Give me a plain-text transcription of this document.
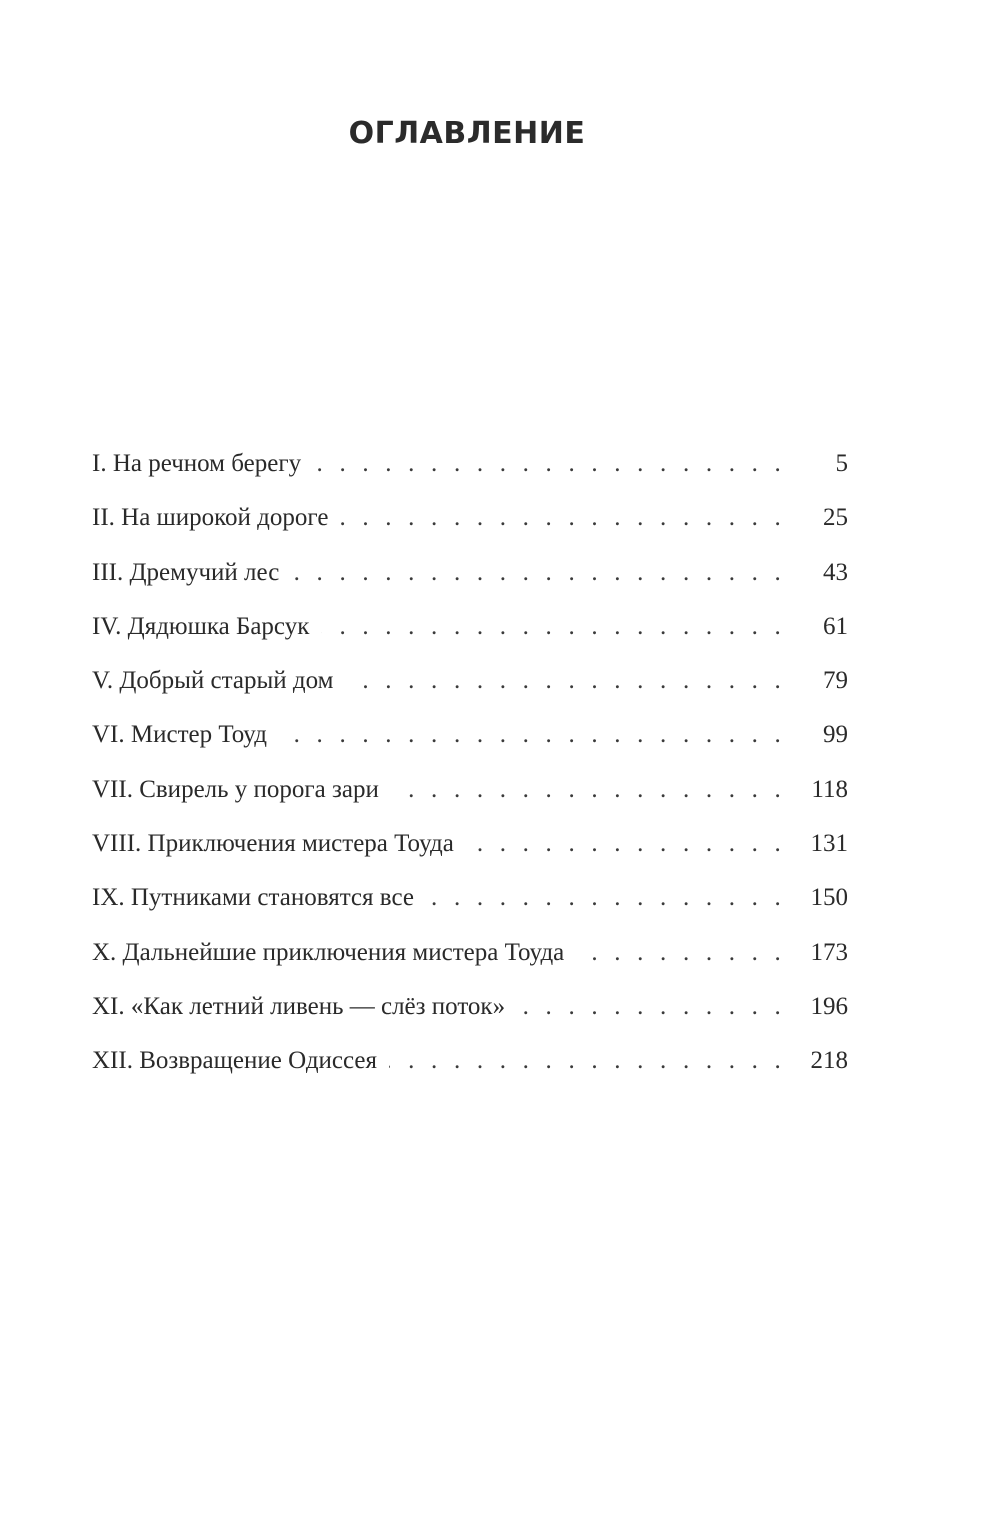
ОГЛАВЛЕНИЕ
I. На речном берегу . . .	5
II. На широкой дороге . . .	25
III. Дремучий лес . . .	43
IV. Дядюшка Барсук . . .	61
V. Добрый старый дом . . .	79
VI. Мистер Тоуд . . .	99
VII. Свирель у порога зари . . .	118
VIII. Приключения мистера Тоуда . . .	131
IX. Путниками становятся все . . .	150
X. Дальнейшие приключения мистера Тоуда . . .	173
XI. «Как летний ливень — слёз поток» . . .	196
XII. Возвращение Одиссея . . .	218
